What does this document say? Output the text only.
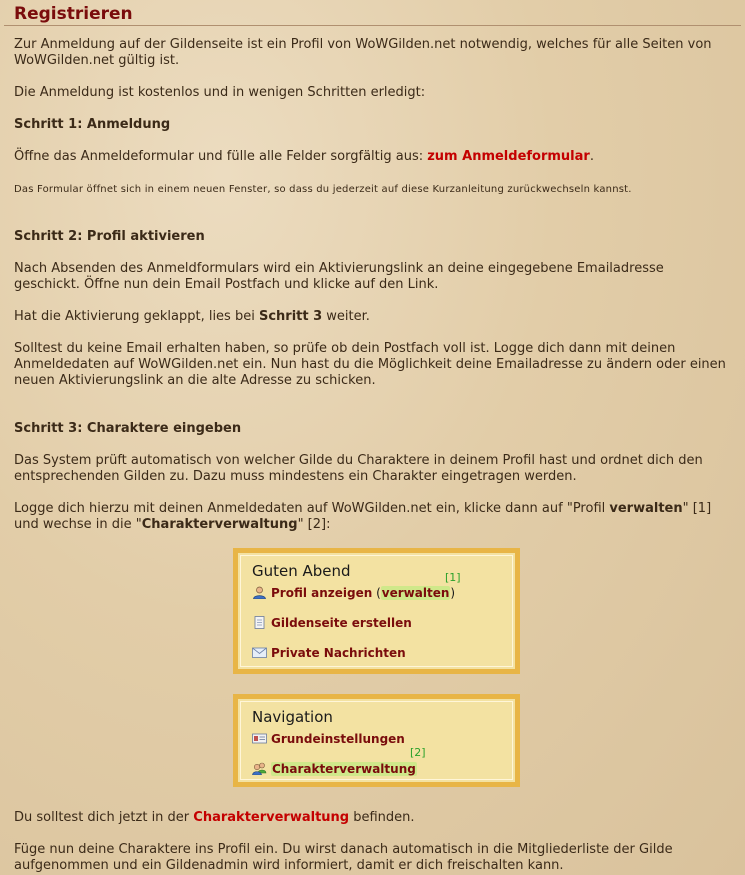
Registrieren

Zur Anmeldung auf der Gildenseite ist ein Profil von WoWGilden.net notwendig, welches für alle Seiten von WoWGilden.net gültig ist.

Die Anmeldung ist kostenlos und in wenigen Schritten erledigt:

Schritt 1: Anmeldung

Öffne das Anmeldeformular und fülle alle Felder sorgfältig aus: zum Anmeldeformular.

Das Formular öffnet sich in einem neuen Fenster, so dass du jederzeit auf diese Kurzanleitung zurückwechseln kannst.

Schritt 2: Profil aktivieren

Nach Absenden des Anmeldformulars wird ein Aktivierungslink an deine eingegebene Emailadresse geschickt. Öffne nun dein Email Postfach und klicke auf den Link.

Hat die Aktivierung geklappt, lies bei Schritt 3 weiter.

Solltest du keine Email erhalten haben, so prüfe ob dein Postfach voll ist. Logge dich dann mit deinen Anmeldedaten auf WoWGilden.net ein. Nun hast du die Möglichkeit deine Emailadresse zu ändern oder einen neuen Aktivierungslink an die alte Adresse zu schicken.

Schritt 3: Charaktere eingeben

Das System prüft automatisch von welcher Gilde du Charaktere in deinem Profil hast und ordnet dich den entsprechenden Gilden zu. Dazu muss mindestens ein Charakter eingetragen werden.

Logge dich hierzu mit deinen Anmeldedaten auf WoWGilden.net ein, klicke dann auf "Profil verwalten" [1] und wechse in die "Charakterverwaltung" [2]:

Guten Abend	[1]
Profil anzeigen (verwalten)
Gildenseite erstellen
Private Nachrichten
Navigation
Grundeinstellungen
[2]
Charakterverwaltung

Du solltest dich jetzt in der Charakterverwaltung befinden.

Füge nun deine Charaktere ins Profil ein. Du wirst danach automatisch in die Mitgliederliste der Gilde aufgenommen und ein Gildenadmin wird informiert, damit er dich freischalten kann.
